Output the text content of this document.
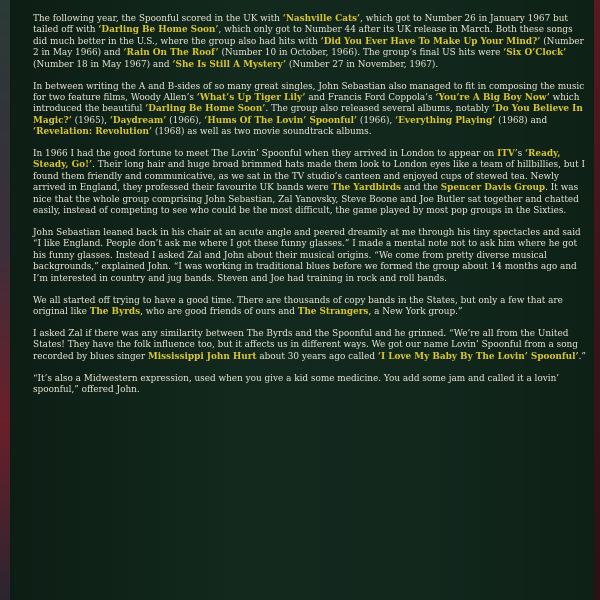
The following year, the Spoonful scored in the UK with ‘Nashville Cats’, which got to Number 26 in January 1967 but tailed off with ‘Darling Be Home Soon’, which only got to Number 44 after its UK release in March. Both these songs did much better in the U.S., where the group also had hits with ‘Did You Ever Have To Make Up Your Mind?’ (Number 2 in May 1966) and ‘Rain On The Roof’ (Number 10 in October, 1966). The group’s final US hits were ‘Six O’Clock’ (Number 18 in May 1967) and ‘She Is Still A Mystery’ (Number 27 in November, 1967).

In between writing the A and B-sides of so many great singles, John Sebastian also managed to fit in composing the music for two feature films, Woody Allen’s ‘What’s Up Tiger Lily’ and Francis Ford Coppola’s ‘You’re A Big Boy Now’ which introduced the beautiful ‘Darling Be Home Soon’. The group also released several albums, notably ‘Do You Believe In Magic?’ (1965), ‘Daydream’ (1966), ‘Hums Of The Lovin’ Spoonful’ (1966), ‘Everything Playing’ (1968) and ‘Revelation: Revolution’ (1968) as well as two movie soundtrack albums.

In 1966 I had the good fortune to meet The Lovin’ Spoonful when they arrived in London to appear on ITV’s ‘Ready, Steady, Go!’. Their long hair and huge broad brimmed hats made them look to London eyes like a team of hillbillies, but I found them friendly and communicative, as we sat in the TV studio’s canteen and enjoyed cups of stewed tea. Newly arrived in England, they professed their favourite UK bands were The Yardbirds and the Spencer Davis Group. It was nice that the whole group comprising John Sebastian, Zal Yanovsky, Steve Boone and Joe Butler sat together and chatted easily, instead of competing to see who could be the most difficult, the game played by most pop groups in the Sixties.

John Sebastian leaned back in his chair at an acute angle and peered dreamily at me through his tiny spectacles and said “I like England. People don’t ask me where I got these funny glasses.” I made a mental note not to ask him where he got his funny glasses. Instead I asked Zal and John about their musical origins. “We come from pretty diverse musical backgrounds,” explained John. “I was working in traditional blues before we formed the group about 14 months ago and I’m interested in country and jug bands. Steven and Joe had training in rock and roll bands.

We all started off trying to have a good time. There are thousands of copy bands in the States, but only a few that are original like The Byrds, who are good friends of ours and The Strangers, a New York group.”

I asked Zal if there was any similarity between The Byrds and the Spoonful and he grinned. “We’re all from the United States! They have the folk influence too, but it affects us in different ways. We got our name Lovin’ Spoonful from a song recorded by blues singer Mississippi John Hurt about 30 years ago called ‘I Love My Baby By The Lovin’ Spoonful’.”

“It’s also a Midwestern expression, used when you give a kid some medicine. You add some jam and called it a lovin’ spoonful,” offered John.
